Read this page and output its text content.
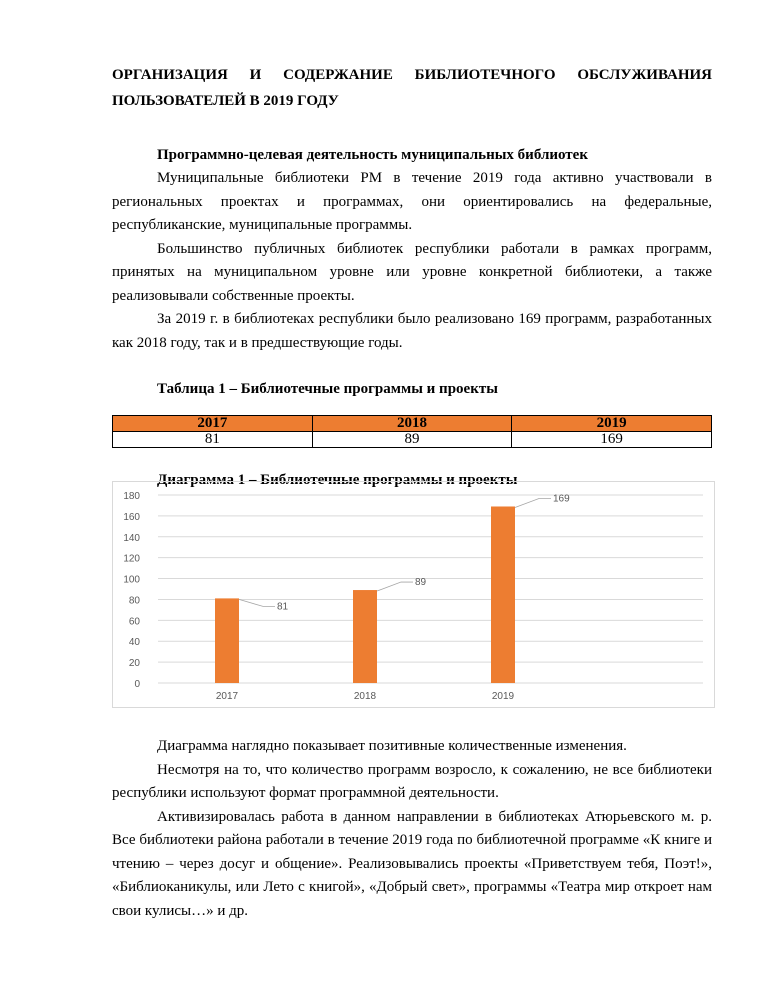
ОРГАНИЗАЦИЯ И СОДЕРЖАНИЕ БИБЛИОТЕЧНОГО ОБСЛУЖИВАНИЯ
ПОЛЬЗОВАТЕЛЕЙ В 2019 ГОДУ
Программно-целевая деятельность муниципальных библиотек

Муниципальные библиотеки РМ в течение 2019 года активно участвовали в региональных проектах и программах, они ориентировались на федеральные, республиканские, муниципальные программы.

Большинство публичных библиотек республики работали в рамках программ, принятых на муниципальном уровне или уровне конкретной библиотеки, а также реализовывали собственные проекты.

За 2019 г. в библиотеках республики было реализовано 169 программ, разработанных как 2018 году, так и в предшествующие годы.

Таблица 1 – Библиотечные программы и проекты
2017	2018	2019
81	89	169
Диаграмма 1 – Библиотечные программы и проекты
0
20
40
60
80
100
120
140
160
180
2017
81
2018
89
2019
169

Диаграмма наглядно показывает позитивные количественные изменения.

Несмотря на то, что количество программ возросло, к сожалению, не все библиотеки республики используют формат программной деятельности.

Активизировалась работа в данном направлении в библиотеках Атюрьевского м. р. Все библиотеки района работали в течение 2019 года по библиотечной программе «К книге и чтению – через досуг и общение». Реализовывались проекты «Приветствуем тебя, Поэт!», «Библиоканикулы, или Лето с книгой», «Добрый свет», программы «Театра мир откроет нам свои кулисы…» и др.
